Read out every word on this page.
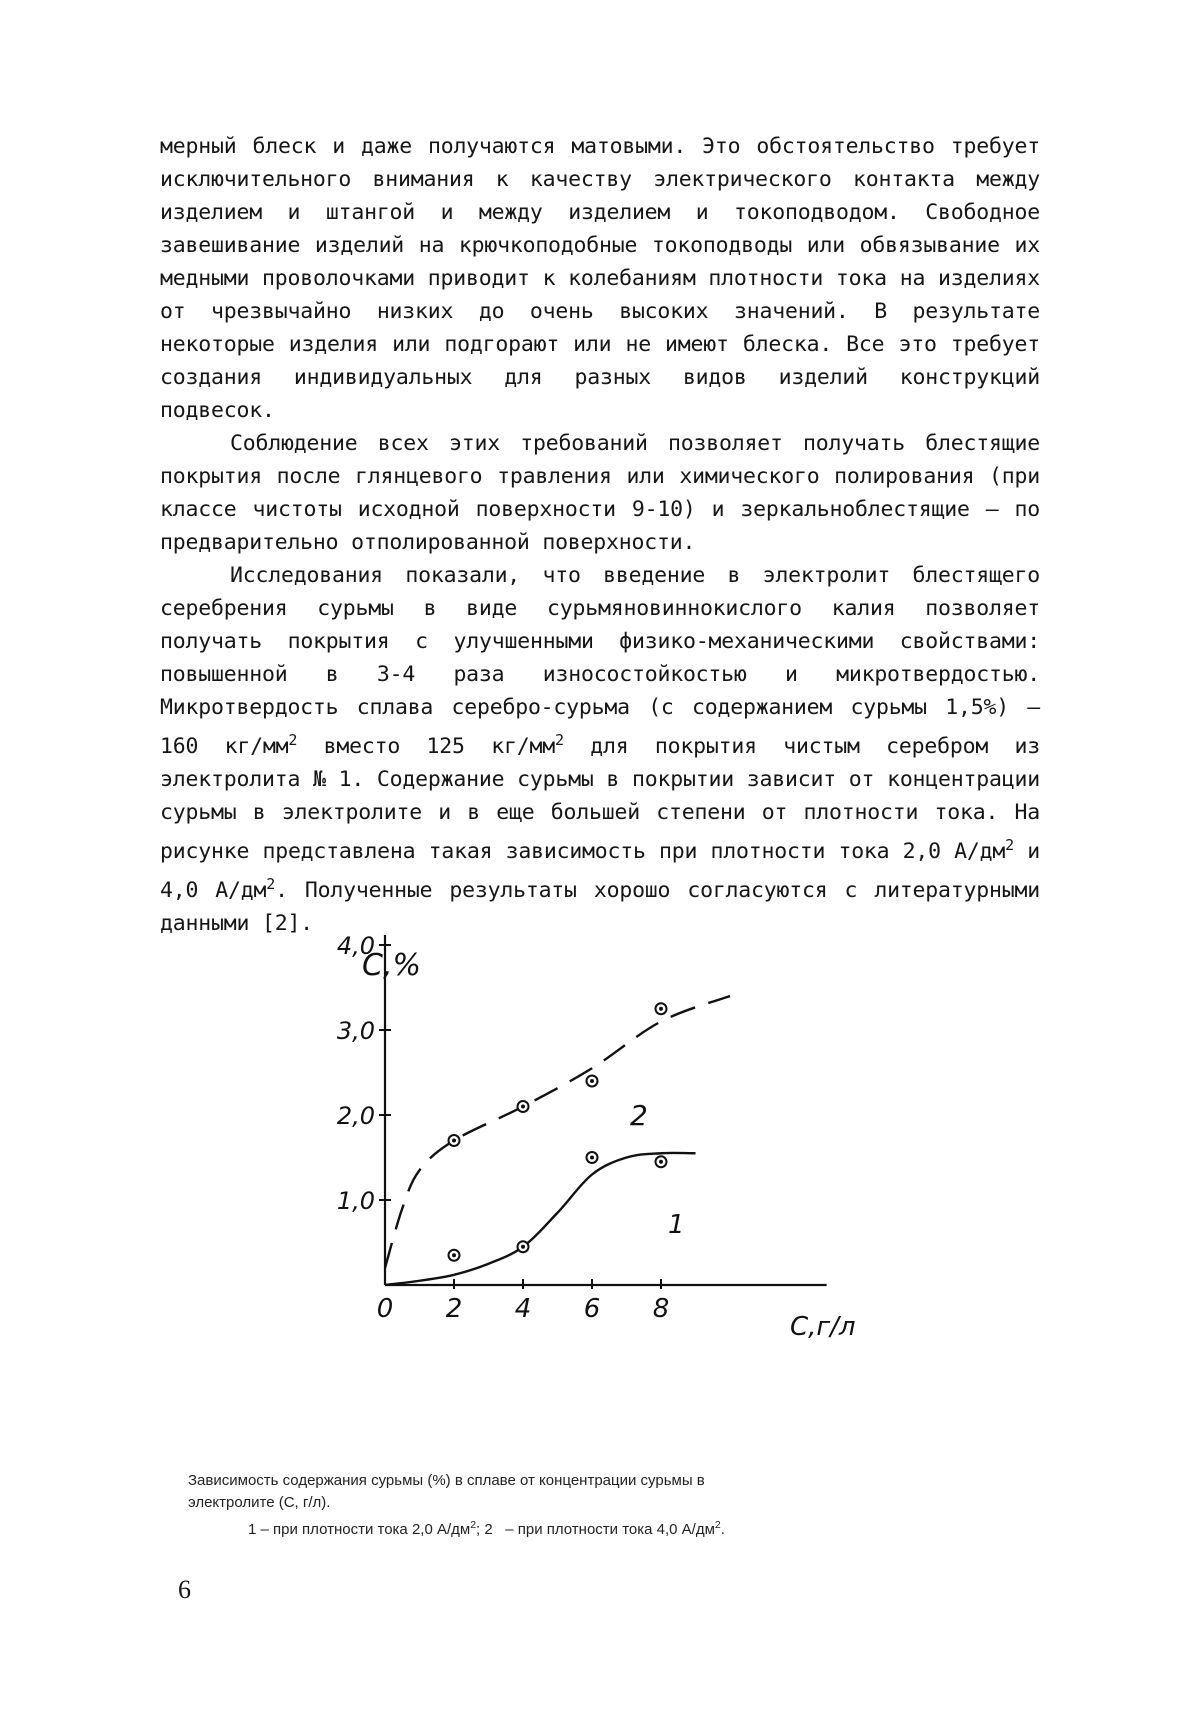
мерный блеск и даже получаются матовыми. Это обстоятельство требует исключительного внимания к качеству электрического контакта между изделием и штангой и между изделием и токоподводом. Свободное завешивание изделий на крючкоподобные токоподводы или обвязывание их медными проволочками приводит к колебаниям плотности тока на изделиях от чрезвычайно низких до очень высоких значений. В результате некоторые изделия или подгорают или не имеют блеска. Все это требует создания индивидуальных для разных видов изделий конструкций подвесок.

Соблюдение всех этих требований позволяет получать блестящие покрытия после глянцевого травления или химического полирования (при классе чистоты исходной поверхности 9-10) и зеркальноблестящие – по предварительно отполированной поверхности.

Исследования показали, что введение в электролит блестящего серебрения сурьмы в виде сурьмяновиннокислого калия позволяет получать покрытия с улучшенными физико-механическими свойствами: повышенной в 3-4 раза износостойкостью и микротвердостью. Микротвердость сплава серебро-сурьма (с содержанием сурьмы 1,5%) – 160 $кг/мм^2$ вместо 125 $кг/мм^2$ для покрытия чистым серебром из электролита № 1. Содержание сурьмы в покрытии зависит от концентрации сурьмы в электролите и в еще большей степени от плотности тока. На рисунке представлена такая зависимость при плотности тока 2,0 $А/дм^2$ и 4,0 $А/дм^2$. Полученные результаты хорошо согласуются с литературными данными [2].

1,0
2,0
3,0
4,0
0 2 4 6 8
C,%
C,г/л
2
1
Зависимость содержания сурьмы (%) в сплаве от концентрации сурьмы в
электролите (C, г/л).
1 – при плотности тока 2,0 $А/дм^2$; 2   – при плотности тока 4,0 $А/дм^2$.
6
